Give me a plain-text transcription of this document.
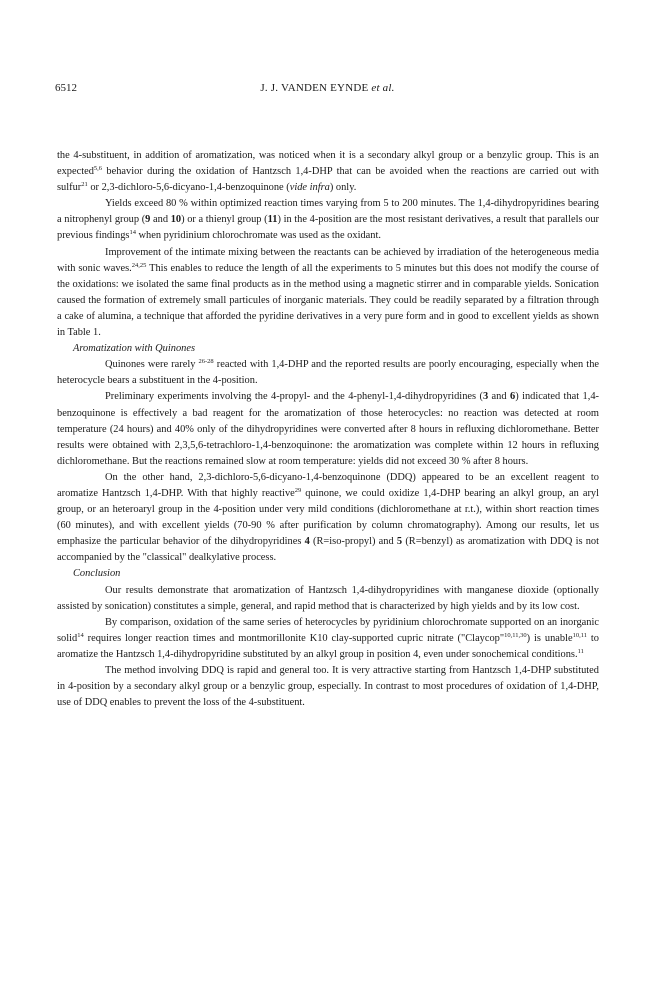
6512	J. J. VANDEN EYNDE et al.

the 4-substituent, in addition of aromatization, was noticed when it is a secondary alkyl group or a benzylic group. This is an expected$^{5,6}$ behavior during the oxidation of Hantzsch 1,4-DHP that can be avoided when the reactions are carried out with sulfur$^{21}$ or 2,3-dichloro-5,6-dicyano-1,4-benzoquinone (vide infra) only.

Yields exceed 80 % within optimized reaction times varying from 5 to 200 minutes. The 1,4-dihydropyridines bearing a nitrophenyl group (9 and 10) or a thienyl group (11) in the 4-position are the most resistant derivatives, a result that parallels our previous findings$^{14}$ when pyridinium chlorochromate was used as the oxidant.

Improvement of the intimate mixing between the reactants can be achieved by irradiation of the heterogeneous media with sonic waves.$^{24,25}$ This enables to reduce the length of all the experiments to 5 minutes but this does not modify the course of the oxidations: we isolated the same final products as in the method using a magnetic stirrer and in comparable yields. Sonication caused the formation of extremely small particules of inorganic materials. They could be readily separated by a filtration through a cake of alumina, a technique that afforded the pyridine derivatives in a very pure form and in good to excellent yields as shown in Table 1.

Aromatization with Quinones

Quinones were rarely $^{26-28}$ reacted with 1,4-DHP and the reported results are poorly encouraging, especially when the heterocycle bears a substituent in the 4-position.

Preliminary experiments involving the 4-propyl- and the 4-phenyl-1,4-dihydropyridines (3 and 6) indicated that 1,4-benzoquinone is effectively a bad reagent for the aromatization of those heterocycles: no reaction was detected at room temperature (24 hours) and 40% only of the dihydropyridines were converted after 8 hours in refluxing dichloromethane. Better results were obtained with 2,3,5,6-tetrachloro-1,4-benzoquinone: the aromatization was complete within 12 hours in refluxing dichloromethane. But the reactions remained slow at room temperature: yields did not exceed 30 % after 8 hours.

On the other hand, 2,3-dichloro-5,6-dicyano-1,4-benzoquinone (DDQ) appeared to be an excellent reagent to aromatize Hantzsch 1,4-DHP. With that highly reactive$^{29}$ quinone, we could oxidize 1,4-DHP bearing an alkyl group, an aryl group, or an heteroaryl group in the 4-position under very mild conditions (dichloromethane at r.t.), within short reaction times (60 minutes), and with excellent yields (70-90 % after purification by column chromatography). Among our results, let us emphasize the particular behavior of the dihydropyridines 4 (R=iso-propyl) and 5 (R=benzyl) as aromatization with DDQ is not accompanied by the "classical" dealkylative process.

Conclusion

Our results demonstrate that aromatization of Hantzsch 1,4-dihydropyridines with manganese dioxide (optionally assisted by sonication) constitutes a simple, general, and rapid method that is characterized by high yields and by its low cost.

By comparison, oxidation of the same series of heterocycles by pyridinium chlorochromate supported on an inorganic solid$^{14}$ requires longer reaction times and montmorillonite K10 clay-supported cupric nitrate ("Claycop"$^{10,11,30}$) is unable$^{10,11}$ to aromatize the Hantzsch 1,4-dihydropyridine substituted by an alkyl group in position 4, even under sonochemical conditions.$^{11}$

The method involving DDQ is rapid and general too. It is very attractive starting from Hantzsch 1,4-DHP substituted in 4-position by a secondary alkyl group or a benzylic group, especially. In contrast to most procedures of oxidation of 1,4-DHP, use of DDQ enables to prevent the loss of the 4-substituent.
